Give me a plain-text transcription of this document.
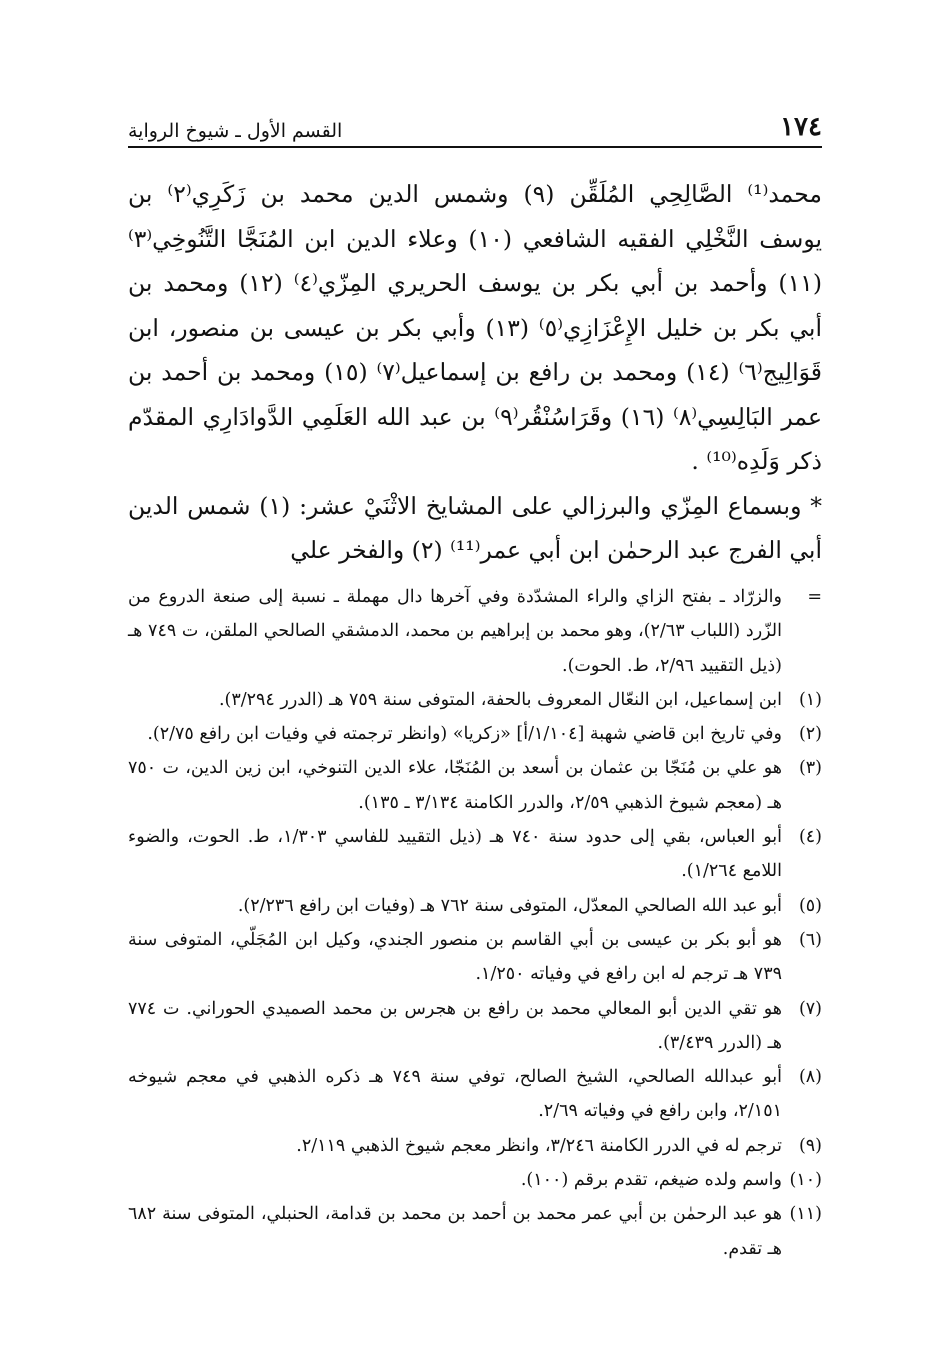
١٧٤
القسم الأول ـ شيوخ الرواية

محمد⁽¹⁾ الصَّالِحِي المُلَقِّن (٩) وشمس الدين محمد بن زَكَرِي⁽٢⁾ بن يوسف النَّخْلِي الفقيه الشافعي (١٠) وعلاء الدين ابن المُنَجَّا التَّنُوخِي⁽٣⁾ (١١) وأحمد بن أبي بكر بن يوسف الحريري المِزّي⁽٤⁾ (١٢) ومحمد بن أبي بكر بن خليل الإِعْزَازِي⁽٥⁾ (١٣) وأبي بكر بن عيسى بن منصور، ابن قَوَالِيج⁽٦⁾ (١٤) ومحمد بن رافع بن إسماعيل⁽٧⁾ (١٥) ومحمد بن أحمد بن عمر البَالِسِي⁽٨⁾ (١٦) وقَرَاسُنْقُر⁽٩⁾ بن عبد الله العَلَمِي الدَّوادَارِي المقدّم ذكر وَلَدِه⁽¹⁰⁾ .

* وبسماع المِزّي والبرزالي على المشايخ الاثْنَيْ عشر: (١) شمس الدين أبي الفرج عبد الرحمٰن ابن أبي عمر⁽¹¹⁾ (٢) والفخر علي

=
والزرّاد ـ بفتح الزاي والراء المشدّدة وفي آخرها دال مهملة ـ نسبة إلى صنعة الدروع من الزّرد (اللباب ٢/٦٣)، وهو محمد بن إبراهيم بن محمد، الدمشقي الصالحي الملقن، ت ٧٤٩ هـ (ذيل التقييد ٢/٩٦، ط. الحوت).
(١)
ابن إسماعيل، ابن النعّال المعروف بالحفة، المتوفى سنة ٧٥٩ هـ (الدرر ٣/٢٩٤).
(٢)
وفي تاريخ ابن قاضي شهبة [١/١٠٤/أ] «زكريا» (وانظر ترجمته في وفيات ابن رافع ٢/٧٥).
(٣)
هو علي بن مُنَجّا بن عثمان بن أسعد بن المُنَجّا، علاء الدين التنوخي، ابن زين الدين، ت ٧٥٠ هـ (معجم شيوخ الذهبي ٢/٥٩، والدرر الكامنة ٣/١٣٤ ـ ١٣٥).
(٤)
أبو العباس، بقي إلى حدود سنة ٧٤٠ هـ (ذيل التقييد للفاسي ١/٣٠٣، ط. الحوت، والضوء اللامع ١/٢٦٤).
(٥)
أبو عبد الله الصالحي المعدّل، المتوفى سنة ٧٦٢ هـ (وفيات ابن رافع ٢/٢٣٦).
(٦)
هو أبو بكر بن عيسى بن أبي القاسم بن منصور الجندي، وكيل ابن المُجَلّي، المتوفى سنة ٧٣٩ هـ ترجم له ابن رافع في وفياته ١/٢٥٠.
(٧)
هو تقي الدين أبو المعالي محمد بن رافع بن هجرس بن محمد الصميدي الحوراني. ت ٧٧٤ هـ (الدرر ٣/٤٣٩).
(٨)
أبو عبدالله الصالحي، الشيخ الصالح، توفي سنة ٧٤٩ هـ ذكره الذهبي في معجم شيوخه ٢/١٥١، وابن رافع في وفياته ٢/٦٩.
(٩)
ترجم له في الدرر الكامنة ٣/٢٤٦، وانظر معجم شيوخ الذهبي ٢/١١٩.
(١٠)
واسم ولده ضيغم، تقدم برقم (١٠٠).
(١١)
هو عبد الرحمٰن بن أبي عمر محمد بن أحمد بن محمد بن قدامة، الحنبلي، المتوفى سنة ٦٨٢ هـ تقدم.
